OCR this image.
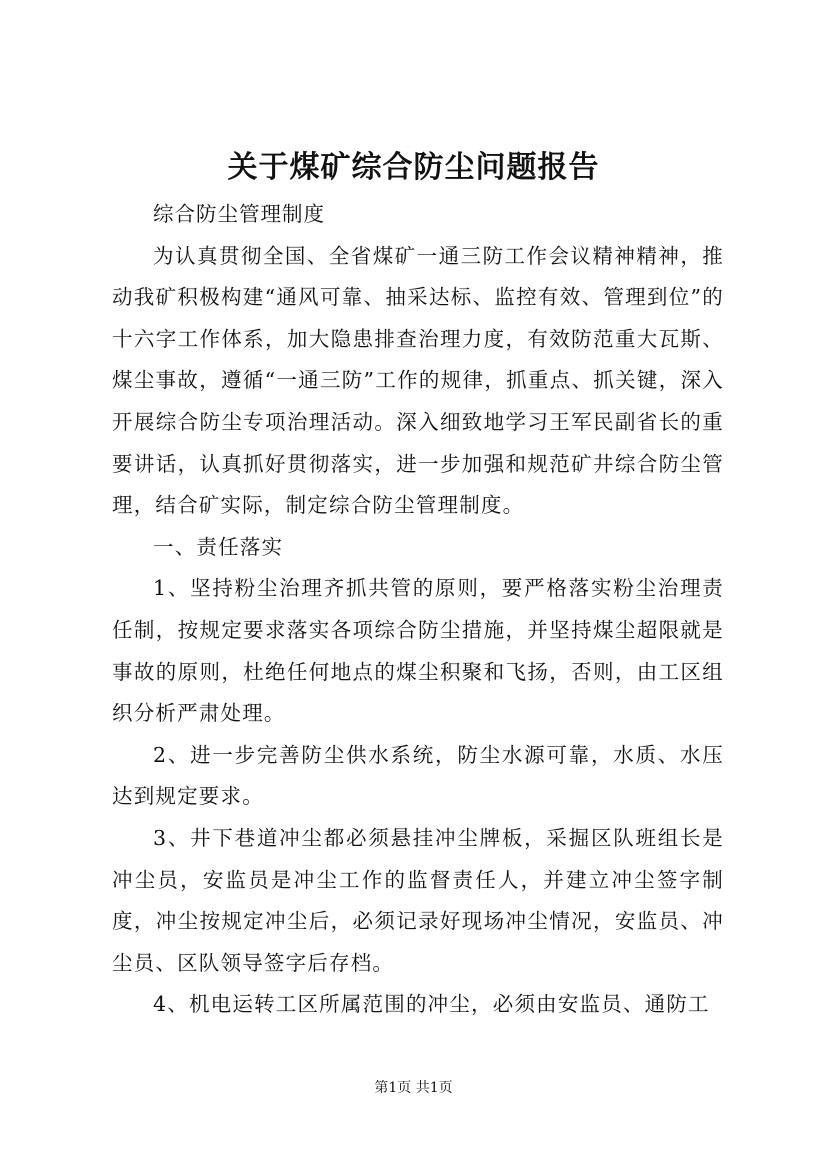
关于煤矿综合防尘问题报告

综合防尘管理制度

为认真贯彻全国、全省煤矿一通三防工作会议精神精神，推动我矿积极构建“通风可靠、抽采达标、监控有效、管理到位”的十六字工作体系，加大隐患排查治理力度，有效防范重大瓦斯、煤尘事故，遵循“一通三防”工作的规律，抓重点、抓关键，深入开展综合防尘专项治理活动。深入细致地学习王军民副省长的重要讲话，认真抓好贯彻落实，进一步加强和规范矿井综合防尘管理，结合矿实际，制定综合防尘管理制度。

一、责任落实

1、坚持粉尘治理齐抓共管的原则，要严格落实粉尘治理责任制，按规定要求落实各项综合防尘措施，并坚持煤尘超限就是事故的原则，杜绝任何地点的煤尘积聚和飞扬，否则，由工区组织分析严肃处理。

2、进一步完善防尘供水系统，防尘水源可靠，水质、水压达到规定要求。

3、井下巷道冲尘都必须悬挂冲尘牌板，采掘区队班组长是冲尘员，安监员是冲尘工作的监督责任人，并建立冲尘签字制度，冲尘按规定冲尘后，必须记录好现场冲尘情况，安监员、冲尘员、区队领导签字后存档。

4、机电运转工区所属范围的冲尘，必须由安监员、通防工

第1页 共1页
